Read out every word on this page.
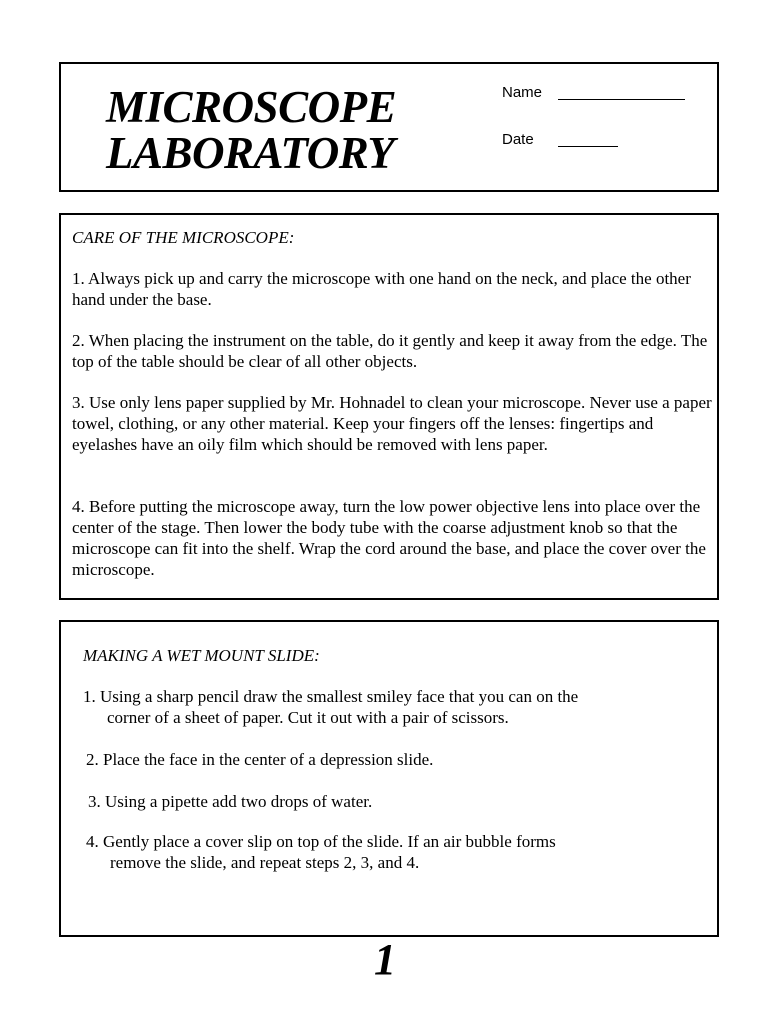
MICROSCOPE
LABORATORY
Name
Date
CARE OF THE MICROSCOPE:

1. Always pick up and carry the microscope with one hand on the neck, and place the other hand under the base.

2. When placing the instrument on the table, do it gently and keep it away from the edge. The top of the table should be clear of all other objects.

3. Use only lens paper supplied by Mr. Hohnadel to clean your microscope. Never use a paper towel, clothing, or any other material. Keep your fingers off the lenses: fingertips and eyelashes have an oily film which should be removed with lens paper.

4. Before putting the microscope away, turn the low power objective lens into place over the center of the stage. Then lower the body tube with the coarse adjustment knob so that the microscope can fit into the shelf. Wrap the cord around the base, and place the cover over the microscope.

MAKING A WET MOUNT SLIDE:

1. Using a sharp pencil draw the smallest smiley face that you can on the
corner of a sheet of paper. Cut it out with a pair of scissors.

2. Place the face in the center of a depression slide.

3. Using a pipette add two drops of water.

4. Gently place a cover slip on top of the slide. If an air bubble forms
remove the slide, and repeat steps 2, 3, and 4.

1
